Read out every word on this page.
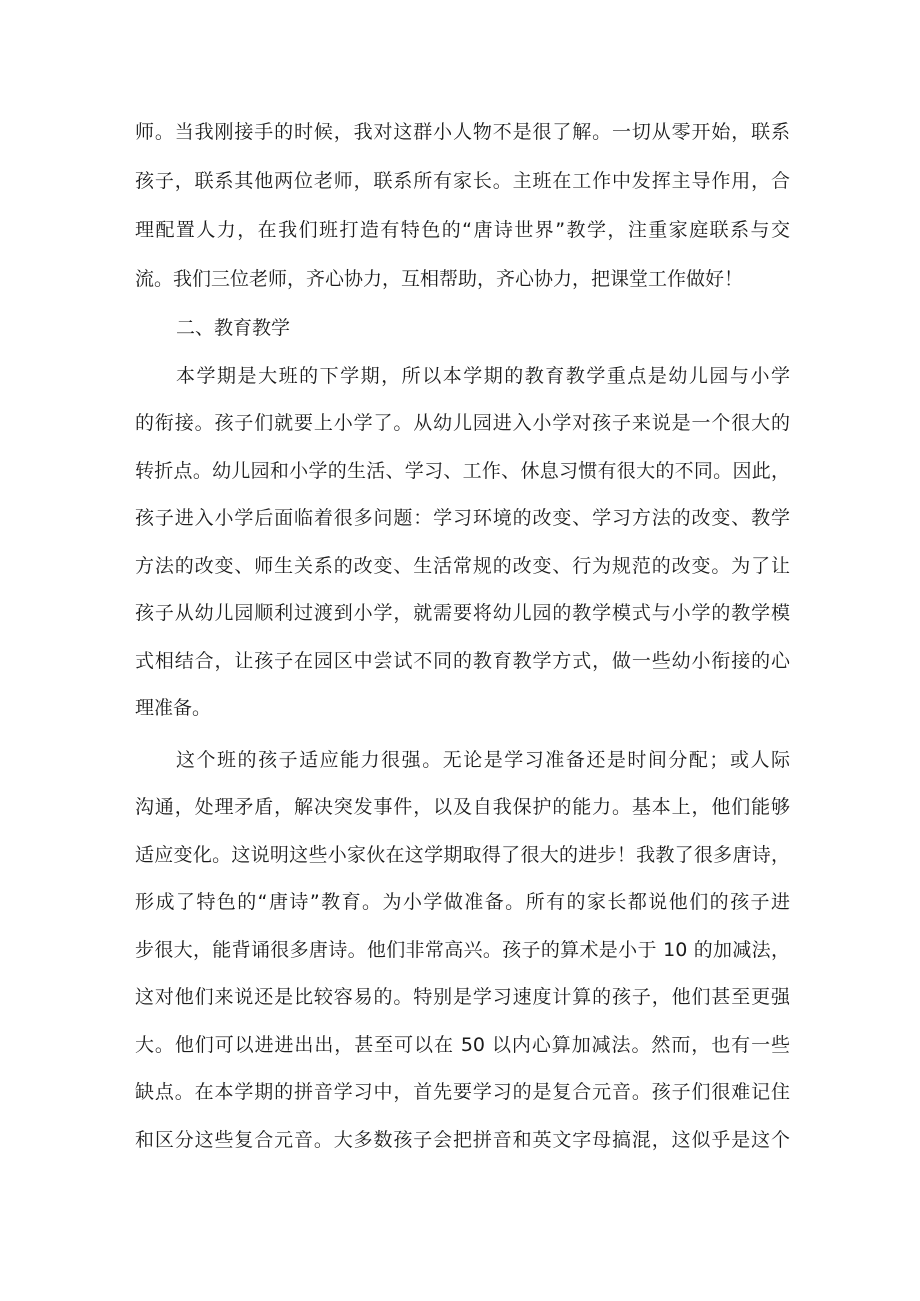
师。当我刚接手的时候，我对这群小人物不是很了解。一切从零开始，联系
孩子，联系其他两位老师，联系所有家长。主班在工作中发挥主导作用，合
理配置人力，在我们班打造有特色的“唐诗世界”教学，注重家庭联系与交
流。我们三位老师，齐心协力，互相帮助，齐心协力，把课堂工作做好！
二、教育教学
本学期是大班的下学期，所以本学期的教育教学重点是幼儿园与小学
的衔接。孩子们就要上小学了。从幼儿园进入小学对孩子来说是一个很大的
转折点。幼儿园和小学的生活、学习、工作、休息习惯有很大的不同。因此，
孩子进入小学后面临着很多问题：学习环境的改变、学习方法的改变、教学
方法的改变、师生关系的改变、生活常规的改变、行为规范的改变。为了让
孩子从幼儿园顺利过渡到小学，就需要将幼儿园的教学模式与小学的教学模
式相结合，让孩子在园区中尝试不同的教育教学方式，做一些幼小衔接的心
理准备。
这个班的孩子适应能力很强。无论是学习准备还是时间分配；或人际
沟通，处理矛盾，解决突发事件，以及自我保护的能力。基本上，他们能够
适应变化。这说明这些小家伙在这学期取得了很大的进步！我教了很多唐诗，
形成了特色的“唐诗”教育。为小学做准备。所有的家长都说他们的孩子进
步很大，能背诵很多唐诗。他们非常高兴。孩子的算术是小于 10 的加减法，
这对他们来说还是比较容易的。特别是学习速度计算的孩子，他们甚至更强
大。他们可以进进出出，甚至可以在 50 以内心算加减法。然而，也有一些
缺点。在本学期的拼音学习中，首先要学习的是复合元音。孩子们很难记住
和区分这些复合元音。大多数孩子会把拼音和英文字母搞混，这似乎是这个
